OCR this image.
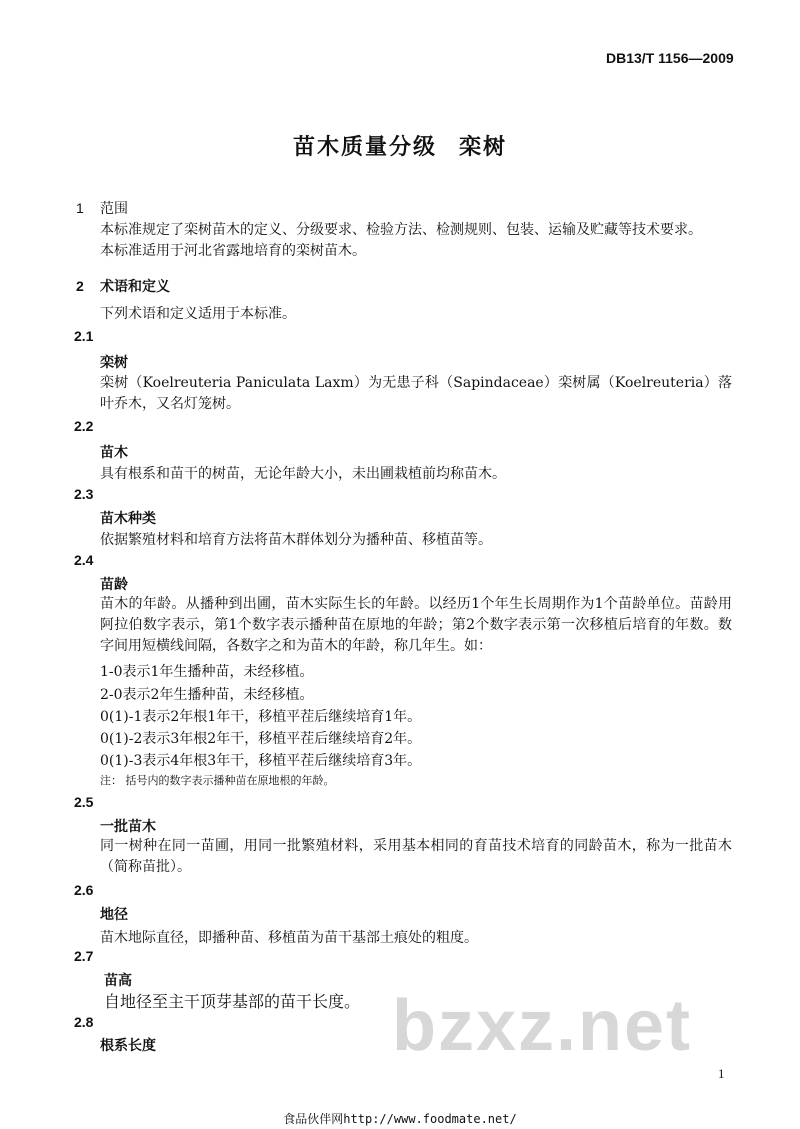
DB13/T 1156—2009
苗木质量分级 栾树
1 范围
本标准规定了栾树苗木的定义、分级要求、检验方法、检测规则、包装、运输及贮藏等技术要求。
本标准适用于河北省露地培育的栾树苗木。
2 术语和定义
下列术语和定义适用于本标准。
2.1
栾树
栾树（Koelreuteria Paniculata Laxm）为无患子科（Sapindaceae）栾树属（Koelreuteria）落叶乔木，又名灯笼树。
2.2
苗木
具有根系和苗干的树苗，无论年龄大小，未出圃栽植前均称苗木。
2.3
苗木种类
依据繁殖材料和培育方法将苗木群体划分为播种苗、移植苗等。
2.4
苗龄
苗木的年龄。从播种到出圃，苗木实际生长的年龄。以经历1个年生长周期作为1个苗龄单位。苗龄用阿拉伯数字表示，第1个数字表示播种苗在原地的年龄；第2个数字表示第一次移植后培育的年数。数字间用短横线间隔，各数字之和为苗木的年龄，称几年生。如：
1-0表示1年生播种苗，未经移植。
2-0表示2年生播种苗，未经移植。
0(1)-1表示2年根1年干，移植平茬后继续培育1年。
0(1)-2表示3年根2年干，移植平茬后继续培育2年。
0(1)-3表示4年根3年干，移植平茬后继续培育3年。
注： 括号内的数字表示播种苗在原地根的年龄。
2.5
一批苗木
同一树种在同一苗圃，用同一批繁殖材料，采用基本相同的育苗技术培育的同龄苗木，称为一批苗木（简称苗批）。
2.6
地径
苗木地际直径，即播种苗、移植苗为苗干基部土痕处的粗度。
2.7
苗高
自地径至主干顶芽基部的苗干长度。 bzxz.net
2.8
根系长度
1
食品伙伴网http://www.foodmate.net/
